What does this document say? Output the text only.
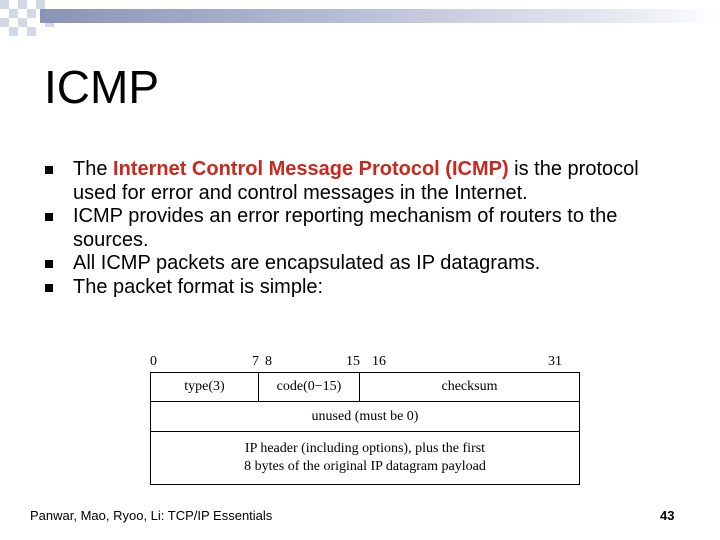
ICMP
The Internet Control Message Protocol (ICMP) is the protocol used for error and control messages in the Internet.
ICMP provides an error reporting mechanism of routers to the sources.
All ICMP packets are encapsulated as IP datagrams.
The packet format is simple:
0	7 8	15 16	31
type(3)	code(0−15)	checksum
unused (must be 0)
IP header (including options), plus the first
8 bytes of the original IP datagram payload
Panwar, Mao, Ryoo, Li: TCP/IP Essentials	43
